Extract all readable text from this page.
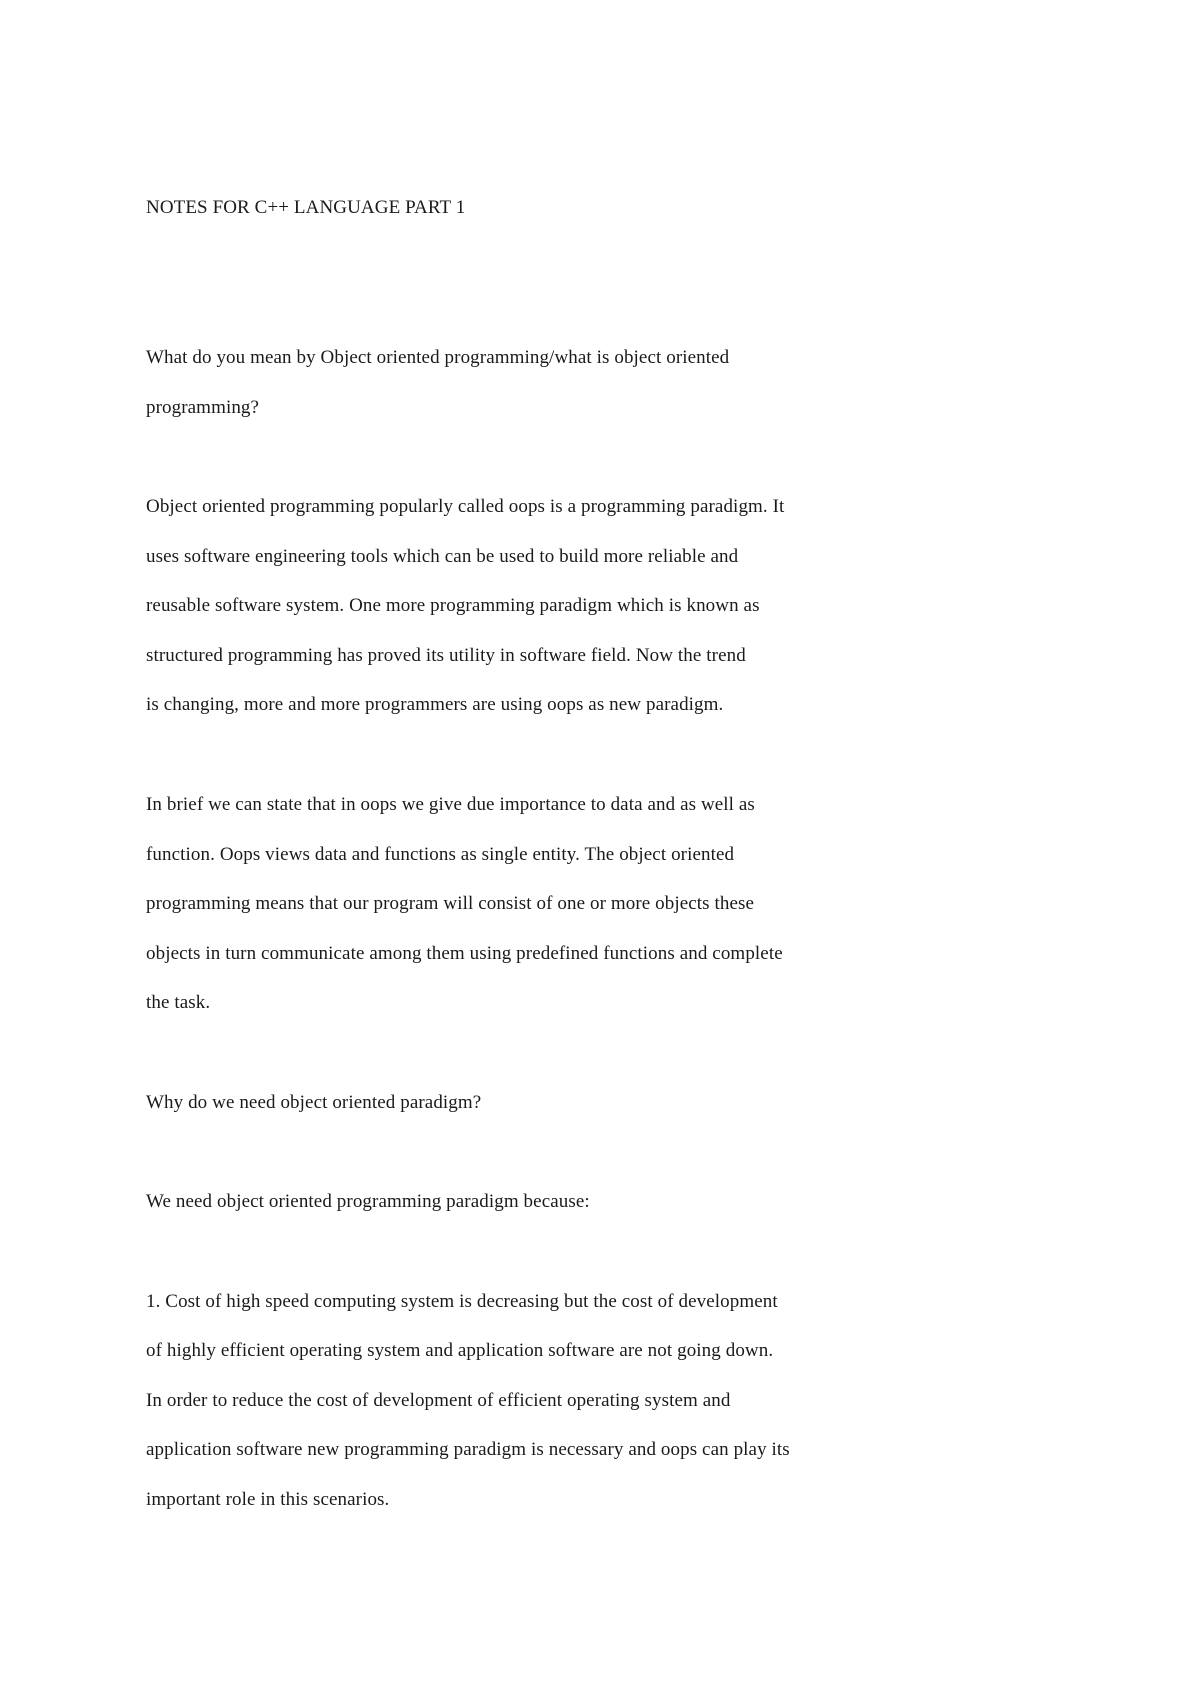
NOTES FOR C++ LANGUAGE PART 1
What do you mean by Object oriented programming/what is object oriented
programming?
Object oriented programming popularly called oops is a programming paradigm. It
uses software engineering tools which can be used to build more reliable and
reusable software system. One more programming paradigm which is known as
structured programming has proved its utility in software field. Now the trend
is changing, more and more programmers are using oops as new paradigm.
In brief we can state that in oops we give due importance to data and as well as
function. Oops views data and functions as single entity. The object oriented
programming means that our program will consist of one or more objects these
objects in turn communicate among them using predefined functions and complete
the task.
Why do we need object oriented paradigm?
We need object oriented programming paradigm because:
1. Cost of high speed computing system is decreasing but the cost of development
of highly efficient operating system and application software are not going down.
In order to reduce the cost of development of efficient operating system and
application software new programming paradigm is necessary and oops can play its
important role in this scenarios.
